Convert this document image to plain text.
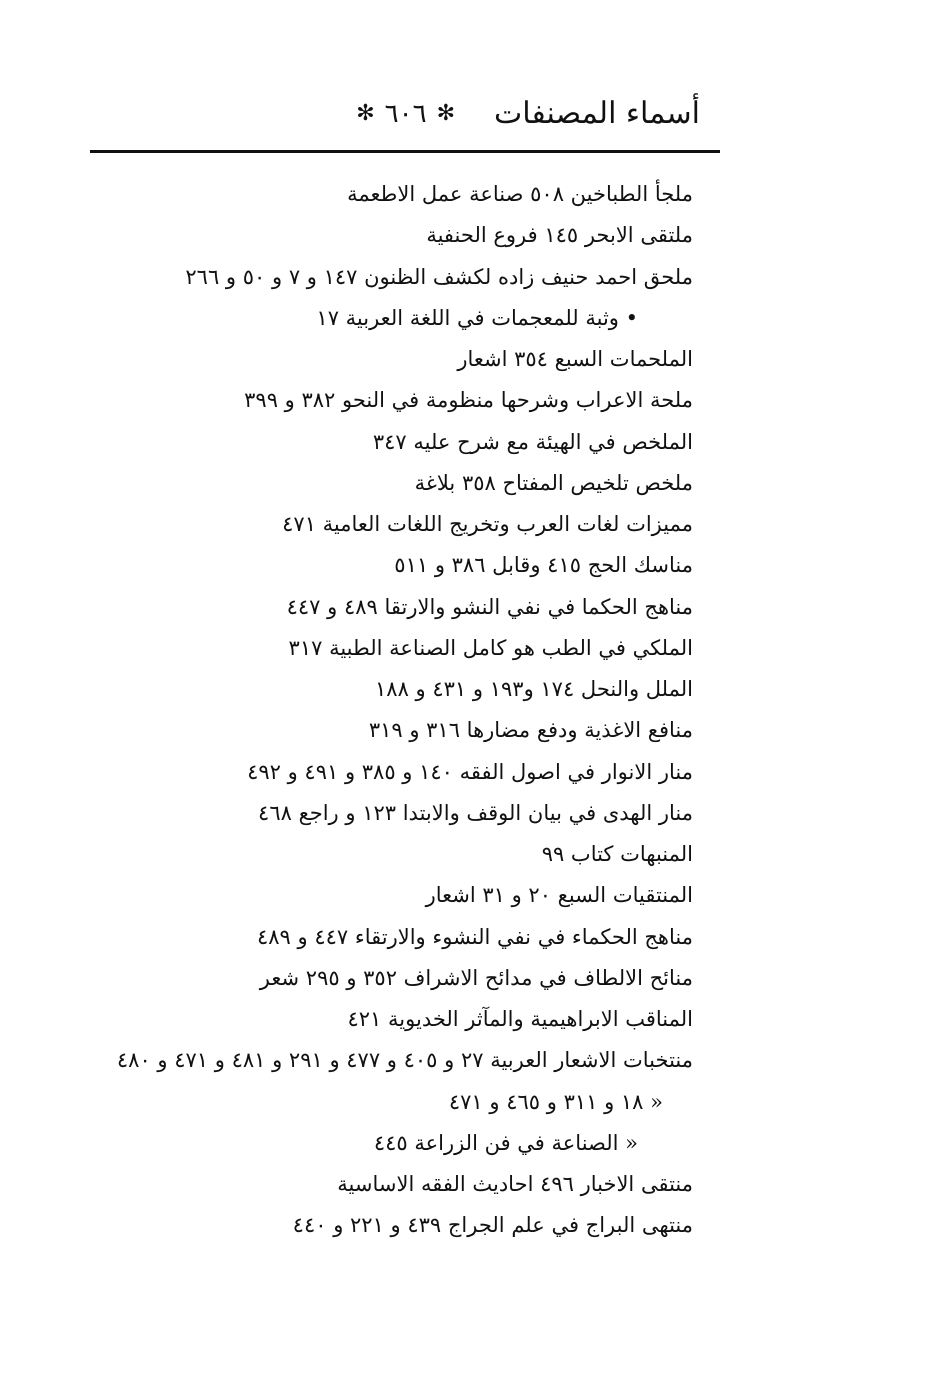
أسماء المصنفات
✻
٦٠٦
✻
ملجأ الطباخين ٥٠٨ صناعة عمل الاطعمة
ملتقى الابحر ١٤٥ فروع الحنفية
ملحق احمد حنيف زاده لكشف الظنون ١٤٧ و ٧ و ٥٠ و ٢٦٦
• وثبة للمعجمات في اللغة العربية ١٧
الملحمات السبع ٣٥٤ اشعار
ملحة الاعراب وشرحها منظومة في النحو ٣٨٢ و ٣٩٩
الملخص في الهيئة مع شرح عليه ٣٤٧
ملخص تلخيص المفتاح ٣٥٨ بلاغة
مميزات لغات العرب وتخريج اللغات العامية ٤٧١
مناسك الحج ٤١٥ وقابل ٣٨٦ و ٥١١
مناهج الحكما في نفي النشو والارتقا ٤٨٩ و ٤٤٧
الملكي في الطب هو كامل الصناعة الطبية ٣١٧
الملل والنحل ١٧٤ و١٩٣ و ٤٣١ و ١٨٨
منافع الاغذية ودفع مضارها ٣١٦ و ٣١٩
منار الانوار في اصول الفقه ١٤٠ و ٣٨٥ و ٤٩١ و ٤٩٢
منار الهدى في بيان الوقف والابتدا ١٢٣ و راجع ٤٦٨
المنبهات كتاب ٩٩
المنتقيات السبع ٢٠ و ٣١ اشعار
مناهج الحكماء في نفي النشوء والارتقاء ٤٤٧ و ٤٨٩
منائح الالطاف في مدائح الاشراف ٣٥٢ و ٢٩٥ شعر
المناقب الابراهيمية والمآثر الخديوية ٤٢١
منتخبات الاشعار العربية ٢٧ و ٤٠٥ و ٤٧٧ و ٢٩١ و ٤٨١ و ٤٧١ و ٤٨٠
« ١٨ و ٣١١ و ٤٦٥ و ٤٧١
« الصناعة في فن الزراعة ٤٤٥
منتقى الاخبار ٤٩٦ احاديث الفقه الاساسية
منتهى البراج في علم الجراج ٤٣٩ و ٢٢١ و ٤٤٠
